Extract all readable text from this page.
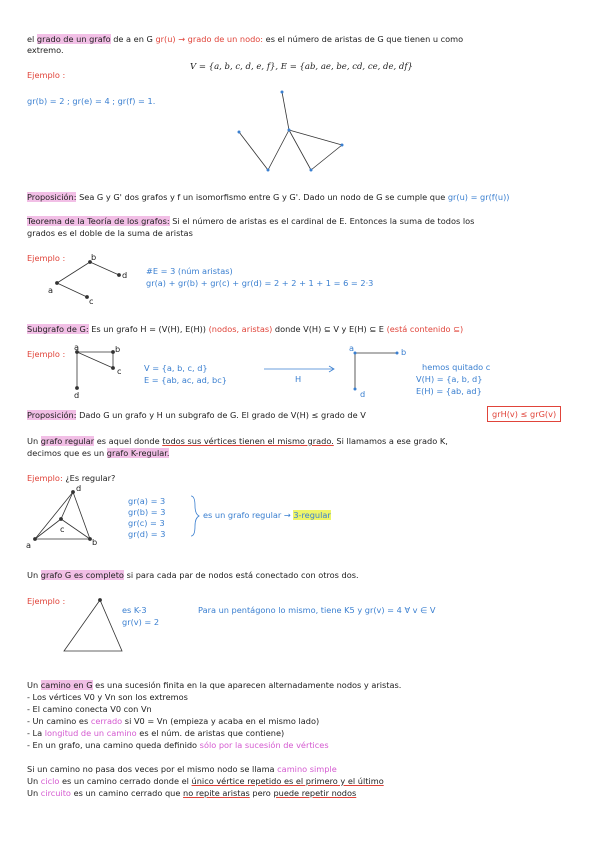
el grado de un grafo de a en G gr(u) → grado de un nodo: es el número de aristas de G que tienen u como
extremo.
Ejemplo :
V = {a, b, c, d, e, f}, E = {ab, ae, be, cd, ce, de, df}
gr(b) = 2 ; gr(e) = 4 ; gr(f) = 1.
Proposición: Sea G y G' dos grafos y f un isomorfismo entre G y G'. Dado un nodo de G se cumple que gr(u) = gr(f(u))
Teorema de la Teoría de los grafos: Si el número de aristas es el cardinal de E. Entonces la suma de todos los
grados es el doble de la suma de aristas
Ejemplo :
a
b
d
c
#E = 3 (núm aristas)
gr(a) + gr(b) + gr(c) + gr(d) = 2 + 2 + 1 + 1 = 6 = 2·3
Subgrafo de G: Es un grafo H = (V(H), E(H)) (nodos, aristas) donde V(H) ⊆ V y E(H) ⊆ E (está contenido ⊆)
Ejemplo :
a	b
c
d
V = {a, b, c, d}
E = {ab, ac, ad, bc}	H
a	b
d
hemos quitado c
V(H) = {a, b, d}
E(H) = {ab, ad}
Proposición: Dado G un grafo y H un subgrafo de G. El grado de V(H) ≤ grado de V	grH(v) ≤ grG(v)
Un grafo regular es aquel donde todos sus vértices tienen el mismo grado. Si llamamos a ese grado K,
decimos que es un grafo K-regular.
Ejemplo: ¿Es regular?
d
a	b
c
gr(a) = 3
gr(b) = 3
gr(c) = 3
gr(d) = 3
es un grafo regular → 3-regular
Un grafo G es completo si para cada par de nodos está conectado con otros dos.
Ejemplo :
es K-3
gr(v) = 2
Para un pentágono lo mismo, tiene K5 y gr(v) = 4 ∀ v ∈ V
Un camino en G es una sucesión finita en la que aparecen alternadamente nodos y aristas.
- Los vértices V0 y Vn son los extremos
- El camino conecta V0 con Vn
- Un camino es cerrado si V0 = Vn (empieza y acaba en el mismo lado)
- La longitud de un camino es el núm. de aristas que contiene)
- En un grafo, una camino queda definido sólo por la sucesión de vértices
Si un camino no pasa dos veces por el mismo nodo se llama camino simple
Un ciclo es un camino cerrado donde el único vértice repetido es el primero y el último
Un circuito es un camino cerrado que no repite aristas pero puede repetir nodos
